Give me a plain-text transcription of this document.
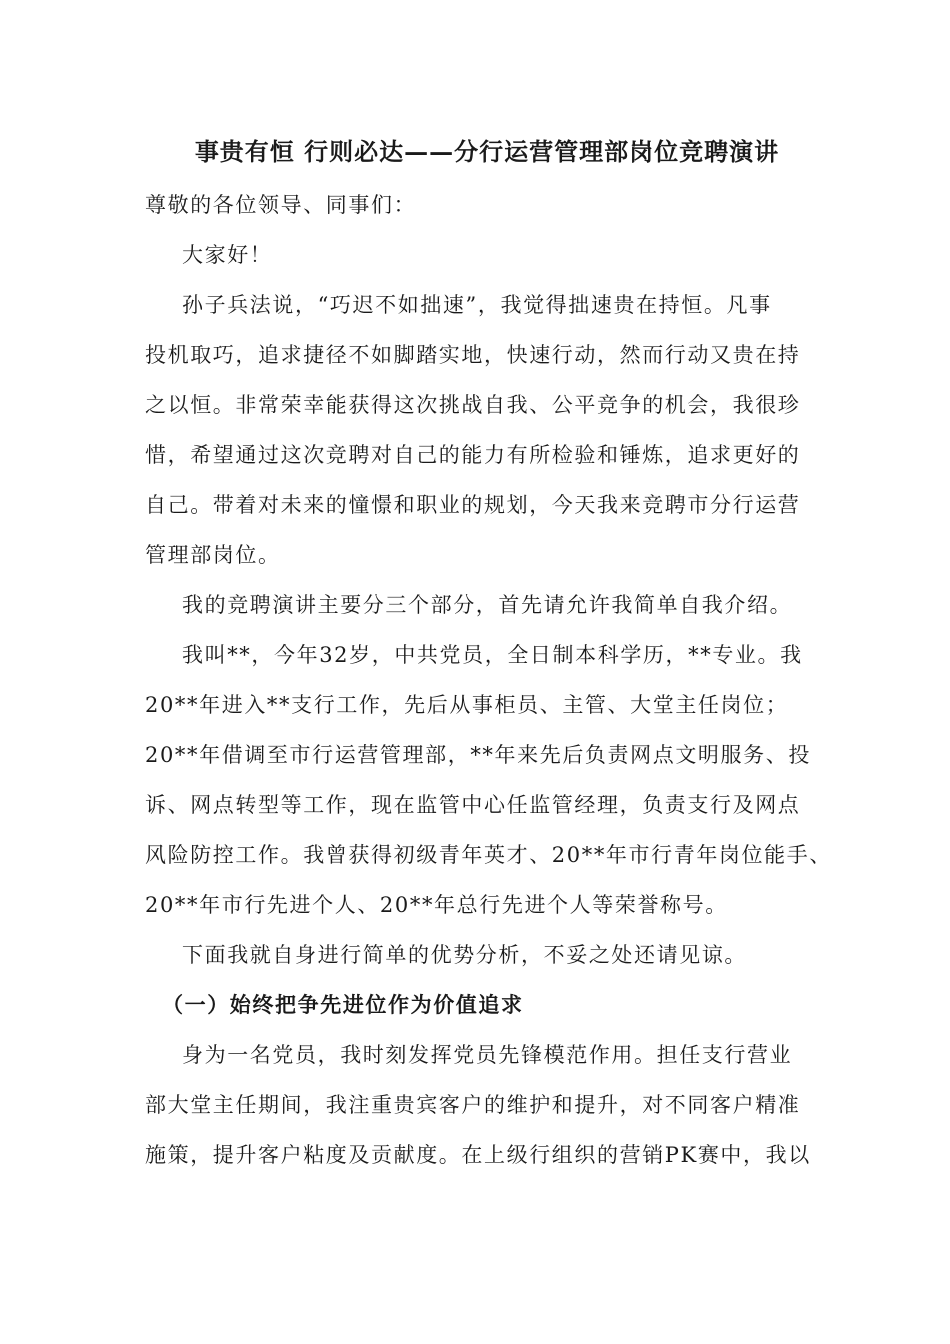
事贵有恒 行则必达——分行运营管理部岗位竞聘演讲
尊敬的各位领导、同事们：
大家好！
孙子兵法说，“巧迟不如拙速”，我觉得拙速贵在持恒。凡事
投机取巧，追求捷径不如脚踏实地，快速行动，然而行动又贵在持
之以恒。非常荣幸能获得这次挑战自我、公平竞争的机会，我很珍
惜，希望通过这次竞聘对自己的能力有所检验和锤炼，追求更好的
自己。带着对未来的憧憬和职业的规划，今天我来竞聘市分行运营
管理部岗位。
我的竞聘演讲主要分三个部分，首先请允许我简单自我介绍。
我叫**，今年32岁，中共党员，全日制本科学历，**专业。我
20**年进入**支行工作，先后从事柜员、主管、大堂主任岗位；
20**年借调至市行运营管理部，**年来先后负责网点文明服务、投
诉、网点转型等工作，现在监管中心任监管经理，负责支行及网点
风险防控工作。我曾获得初级青年英才、20**年市行青年岗位能手、
20**年市行先进个人、20**年总行先进个人等荣誉称号。
下面我就自身进行简单的优势分析，不妥之处还请见谅。
（一）始终把争先进位作为价值追求
身为一名党员，我时刻发挥党员先锋模范作用。担任支行营业
部大堂主任期间，我注重贵宾客户的维护和提升，对不同客户精准
施策，提升客户粘度及贡献度。在上级行组织的营销PK赛中，我以
